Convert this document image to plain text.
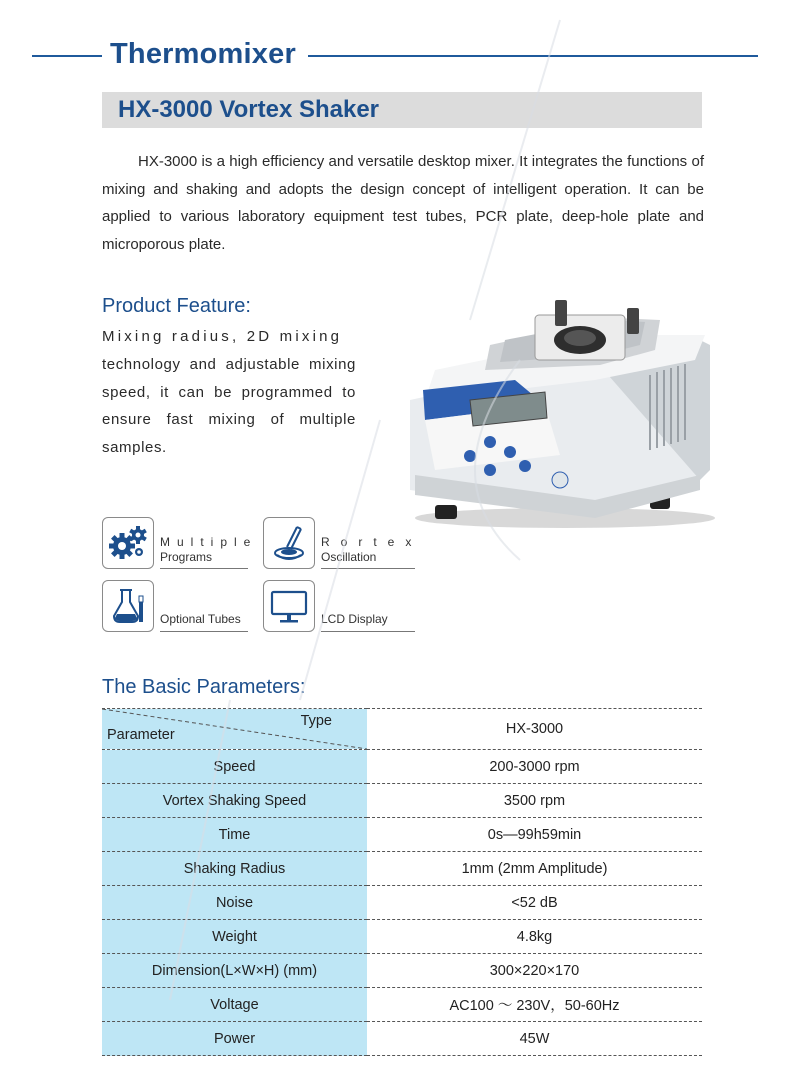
Thermomixer
HX-3000 Vortex Shaker

HX-3000 is a high efficiency and versatile desktop mixer. It integrates the functions of mixing and shaking and adopts the design concept of intelligent operation. It can be applied to various laboratory equipment test tubes, PCR plate, deep-hole plate and microporous plate.

Product Feature:

Mixing radius, 2D mixing

technology and adjustable mixing speed, it can be programmed to ensure fast mixing of multiple samples.

Multiple
Programs
Rortex
Oscillation
Optional Tubes	LCD Display
The Basic Parameters:
Type
Parameter	HX-3000
Speed	200-3000 rpm
Vortex Shaking Speed	3500 rpm
Time	0s—99h59min
Shaking Radius	1mm (2mm Amplitude)
Noise	<52 dB
Weight	4.8kg
Dimension(L×W×H) (mm)	300×220×170
Voltage	AC100 ～ 230V，50-60Hz
Power	45W
